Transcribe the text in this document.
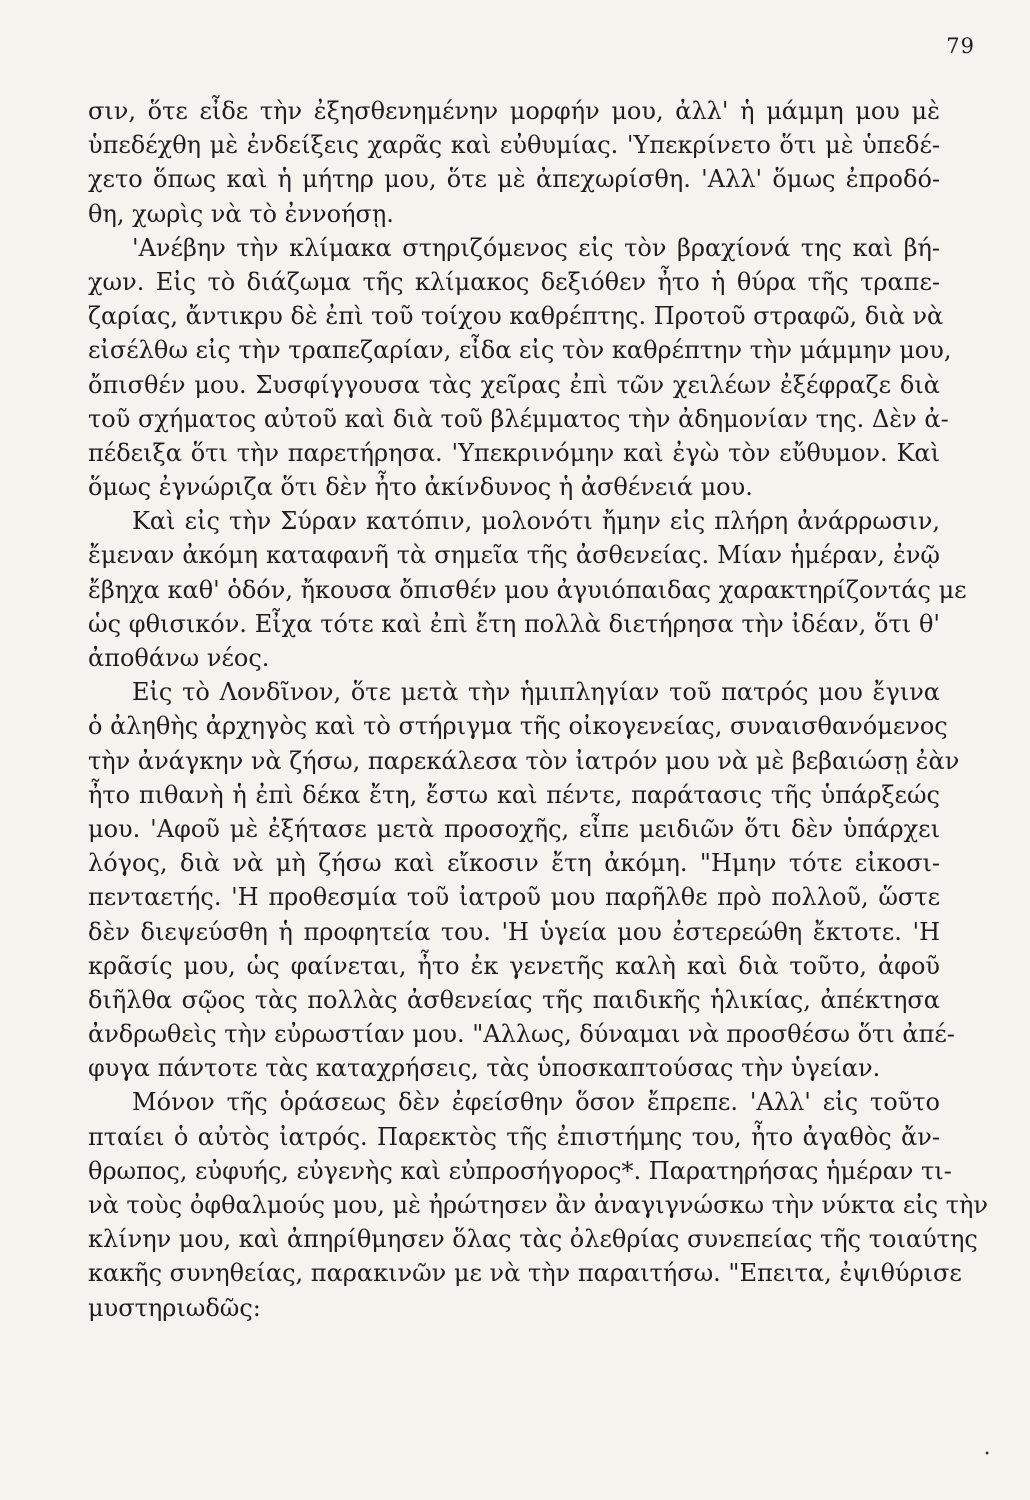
79
σιν, ὅτε εἶδε τὴν ἐξησθενημένην μορφήν μου, ἀλλ' ἡ μάμμη μου μὲ
ὑπεδέχθη μὲ ἐνδείξεις χαρᾶς καὶ εὐθυμίας. 'Υπεκρίνετο ὅτι μὲ ὑπεδέ-
χετο ὅπως καὶ ἡ μήτηρ μου, ὅτε μὲ ἀπεχωρίσθη. 'Αλλ' ὅμως ἐπροδό-
θη, χωρὶς νὰ τὸ ἐννοήσῃ.
'Ανέβην τὴν κλίμακα στηριζόμενος εἰς τὸν βραχίονά της καὶ βή-
χων. Εἰς τὸ διάζωμα τῆς κλίμακος δεξιόθεν ἦτο ἡ θύρα τῆς τραπε-
ζαρίας, ἄντικρυ δὲ ἐπὶ τοῦ τοίχου καθρέπτης. Προτοῦ στραφῶ, διὰ νὰ
εἰσέλθω εἰς τὴν τραπεζαρίαν, εἶδα εἰς τὸν καθρέπτην τὴν μάμμην μου,
ὄπισθέν μου. Συσφίγγουσα τὰς χεῖρας ἐπὶ τῶν χειλέων ἐξέφραζε διὰ
τοῦ σχήματος αὐτοῦ καὶ διὰ τοῦ βλέμματος τὴν ἀδημονίαν της. Δὲν ἀ-
πέδειξα ὅτι τὴν παρετήρησα. 'Υπεκρινόμην καὶ ἐγὼ τὸν εὔθυμον. Καὶ
ὅμως ἐγνώριζα ὅτι δὲν ἦτο ἀκίνδυνος ἡ ἀσθένειά μου.
Καὶ εἰς τὴν Σύραν κατόπιν, μολονότι ἤμην εἰς πλήρη ἀνάρρωσιν,
ἔμεναν ἀκόμη καταφανῆ τὰ σημεῖα τῆς ἀσθενείας. Μίαν ἡμέραν, ἐνῷ
ἔβηχα καθ' ὁδόν, ἤκουσα ὄπισθέν μου ἀγυιόπαιδας χαρακτηρίζοντάς με
ὡς φθισικόν. Εἶχα τότε καὶ ἐπὶ ἔτη πολλὰ διετήρησα τὴν ἰδέαν, ὅτι θ'
ἀποθάνω νέος.
Εἰς τὸ Λονδῖνον, ὅτε μετὰ τὴν ἡμιπληγίαν τοῦ πατρός μου ἔγινα
ὁ ἀληθὴς ἀρχηγὸς καὶ τὸ στήριγμα τῆς οἰκογενείας, συναισθανόμενος
τὴν ἀνάγκην νὰ ζήσω, παρεκάλεσα τὸν ἰατρόν μου νὰ μὲ βεβαιώσῃ ἐὰν
ἦτο πιθανὴ ἡ ἐπὶ δέκα ἔτη, ἔστω καὶ πέντε, παράτασις τῆς ὑπάρξεώς
μου. 'Αφοῦ μὲ ἐξήτασε μετὰ προσοχῆς, εἶπε μειδιῶν ὅτι δὲν ὑπάρχει
λόγος, διὰ νὰ μὴ ζήσω καὶ εἴκοσιν ἔτη ἀκόμη. "Ημην τότε εἰκοσι-
πενταετής. 'Η προθεσμία τοῦ ἰατροῦ μου παρῆλθε πρὸ πολλοῦ, ὥστε
δὲν διεψεύσθη ἡ προφητεία του. 'Η ὑγεία μου ἐστερεώθη ἔκτοτε. 'Η
κρᾶσίς μου, ὡς φαίνεται, ἦτο ἐκ γενετῆς καλὴ καὶ διὰ τοῦτο, ἀφοῦ
διῆλθα σῷος τὰς πολλὰς ἀσθενείας τῆς παιδικῆς ἡλικίας, ἀπέκτησα
ἀνδρωθεὶς τὴν εὐρωστίαν μου. "Αλλως, δύναμαι νὰ προσθέσω ὅτι ἀπέ-
φυγα πάντοτε τὰς καταχρήσεις, τὰς ὑποσκαπτούσας τὴν ὑγείαν.
Μόνον τῆς ὁράσεως δὲν ἐφείσθην ὅσον ἔπρεπε. 'Αλλ' εἰς τοῦτο
πταίει ὁ αὐτὸς ἰατρός. Παρεκτὸς τῆς ἐπιστήμης του, ἦτο ἀγαθὸς ἄν-
θρωπος, εὐφυής, εὐγενὴς καὶ εὐπροσήγορος*. Παρατηρήσας ἡμέραν τι-
νὰ τοὺς ὀφθαλμούς μου, μὲ ἠρώτησεν ἂν ἀναγιγνώσκω τὴν νύκτα εἰς τὴν
κλίνην μου, καὶ ἀπηρίθμησεν ὅλας τὰς ὀλεθρίας συνεπείας τῆς τοιαύτης
κακῆς συνηθείας, παρακινῶν με νὰ τὴν παραιτήσω. "Επειτα, ἐψιθύρισε
μυστηριωδῶς:
•
